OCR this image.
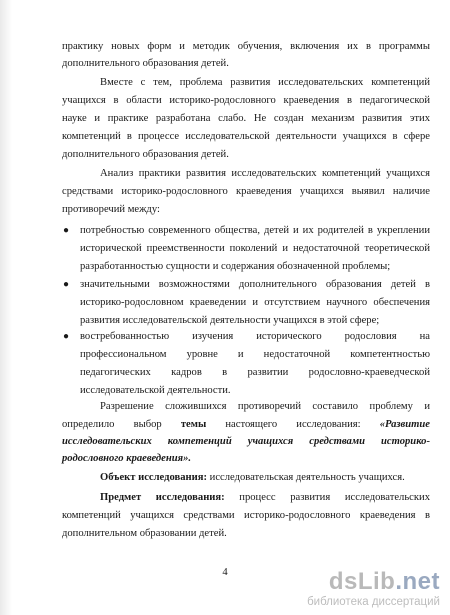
практику новых форм и методик обучения, включения их в программы
дополнительного образования детей.
Вместе с тем, проблема развития исследовательских компетенций
учащихся в области историко-родословного краеведения в педагогической
науке и практике разработана слабо. Не создан механизм развития этих
компетенций в процессе исследовательской деятельности учащихся в сфере
дополнительного образования детей.
Анализ практики развития исследовательских компетенций учащихся
средствами историко-родословного краеведения учащихся выявил наличие
противоречий между:
● потребностью современного общества, детей и их родителей в укреплении
исторической преемственности поколений и недостаточной теоретической
разработанностью сущности и содержания обозначенной проблемы;
● значительными возможностями дополнительного образования детей в
историко-родословном краеведении и отсутствием научного обеспечения
развития исследовательской деятельности учащихся в этой сфере;
● востребованностью изучения исторического родословия на
профессиональном уровне и недостаточной компетентностью
педагогических кадров в развитии родословно-краеведческой
исследовательской деятельности.
Разрешение сложившихся противоречий составило проблему и
определило выбор темы настоящего исследования: «Развитие
исследовательских компетенций учащихся средствами историко-
родословного краеведения».
Объект исследования: исследовательская деятельность учащихся.
Предмет исследования: процесс развития исследовательских
компетенций учащихся средствами историко-родословного краеведения в
дополнительном образовании детей.
4	dsLib.net
библиотека диссертаций
